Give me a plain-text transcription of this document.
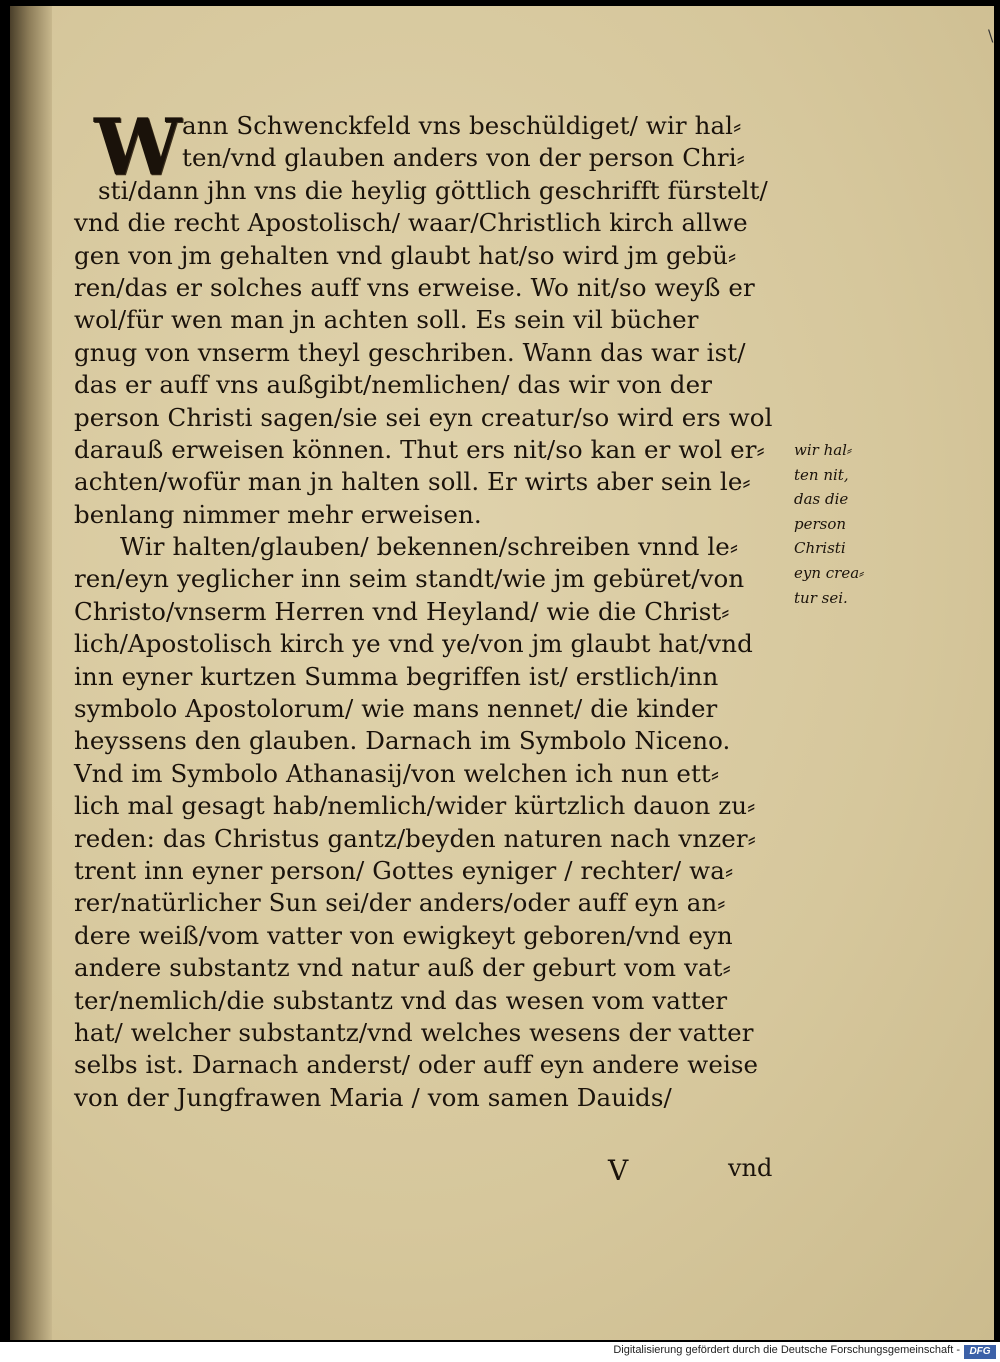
\
W ann Schwenckfeld vns beschüldiget/ wir hal⸗
ten/vnd glauben anders von der person Chri⸗
sti/dann jhn vns die heylig göttlich geschrifft fürstelt/
vnd die recht Apostolisch/ waar/Christlich kirch allwe
gen von jm gehalten vnd glaubt hat/so wird jm gebü⸗
ren/das er solches auff vns erweise. Wo nit/so weyß er
wol/für wen man jn achten soll. Es sein vil bücher
gnug von vnserm theyl geschriben. Wann das war ist/
das er auff vns außgibt/nemlichen/ das wir von der
person Christi sagen/sie sei eyn creatur/so wird ers wol
darauß erweisen können. Thut ers nit/so kan er wol er⸗
achten/wofür man jn halten soll. Er wirts aber sein le⸗
benlang nimmer mehr erweisen.
Wir halten/glauben/ bekennen/schreiben vnnd le⸗
ren/eyn yeglicher inn seim standt/wie jm gebüret/von
Christo/vnserm Herren vnd Heyland/ wie die Christ⸗
lich/Apostolisch kirch ye vnd ye/von jm glaubt hat/vnd
inn eyner kurtzen Summa begriffen ist/ erstlich/inn
symbolo Apostolorum/ wie mans nennet/ die kinder
heyssens den glauben. Darnach im Symbolo Niceno.
Vnd im Symbolo Athanasij/von welchen ich nun ett⸗
lich mal gesagt hab/nemlich/wider kürtzlich dauon zu⸗
reden: das Christus gantz/beyden naturen nach vnzer⸗
trent inn eyner person/ Gottes eyniger / rechter/ wa⸗
rer/natürlicher Sun sei/der anders/oder auff eyn an⸗
dere weiß/vom vatter von ewigkeyt geboren/vnd eyn
andere substantz vnd natur auß der geburt vom vat⸗
ter/nemlich/die substantz vnd das wesen vom vatter
hat/ welcher substantz/vnd welches wesens der vatter
selbs ist. Darnach anderst/ oder auff eyn andere weise
von der Jungfrawen Maria / vom samen Dauids/
wir hal⸗
ten nit,
das die
person
Christi
eyn crea⸗
tur sei.
V	vnd
Digitalisierung gefördert durch die Deutsche Forschungsgemeinschaft - DFG
